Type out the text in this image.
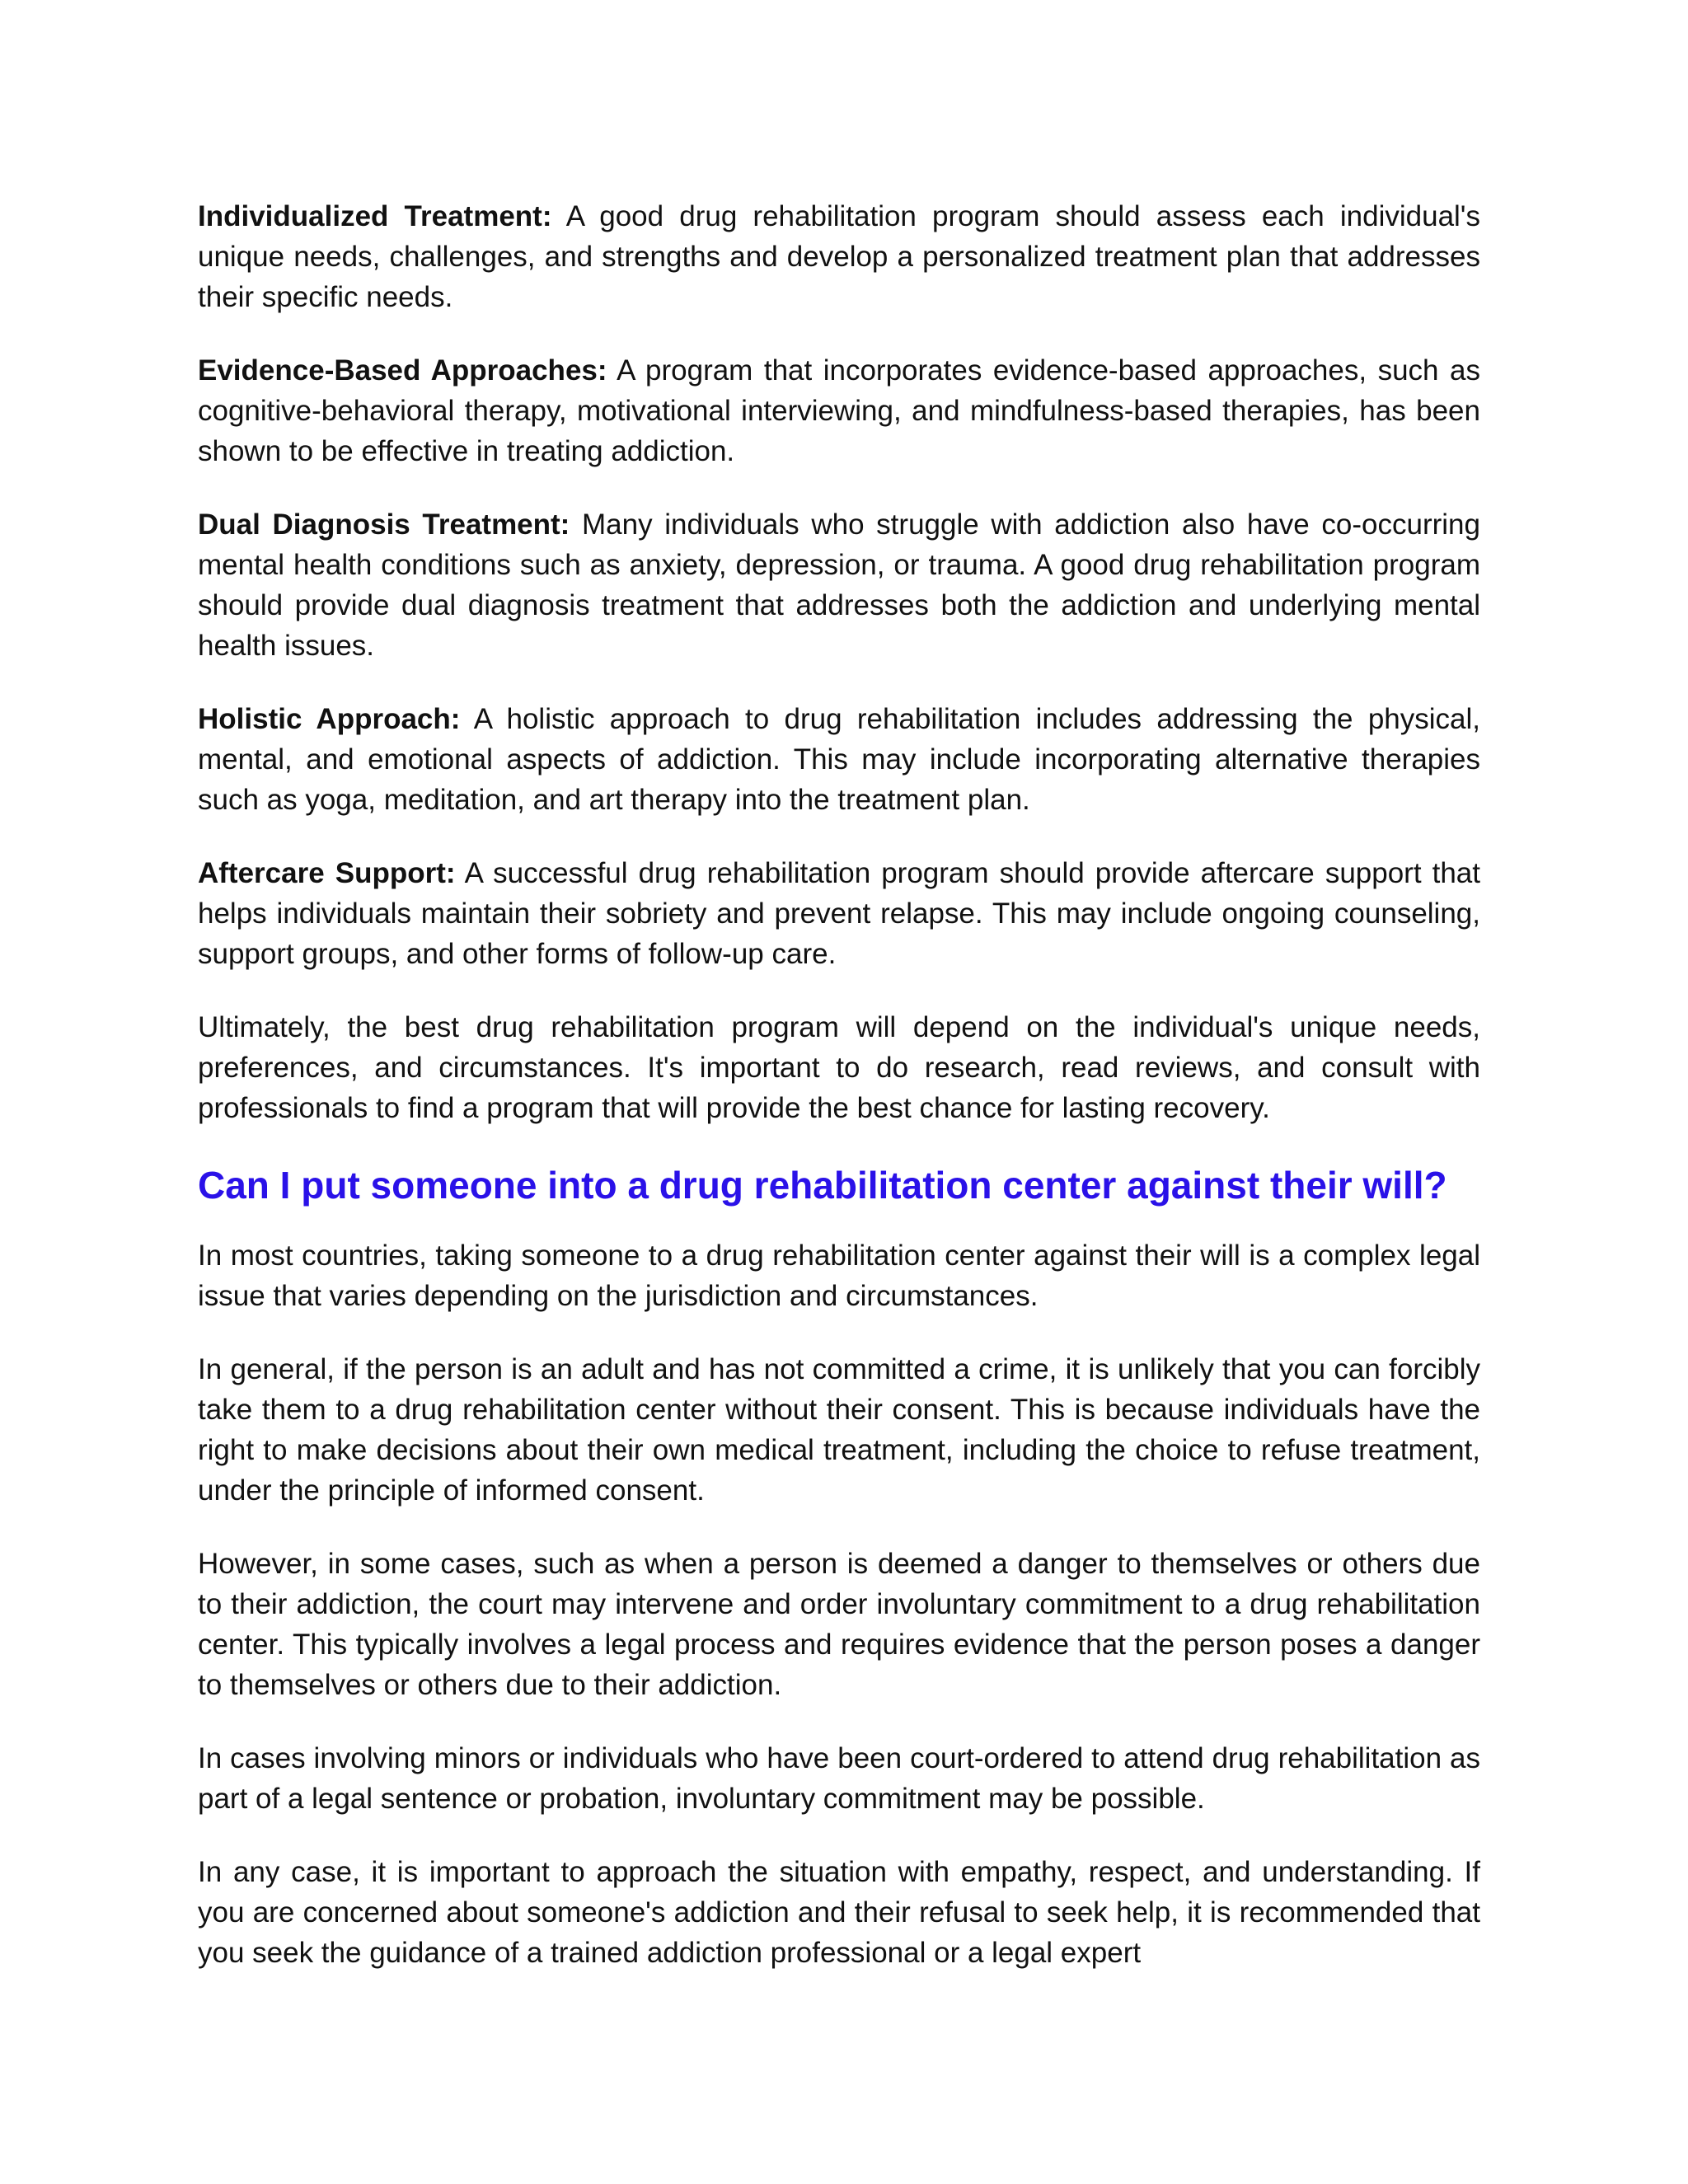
Individualized Treatment: A good drug rehabilitation program should assess each individual's unique needs, challenges, and strengths and develop a personalized treatment plan that addresses their specific needs.

Evidence-Based Approaches: A program that incorporates evidence-based approaches, such as cognitive-behavioral therapy, motivational interviewing, and mindfulness-based therapies, has been shown to be effective in treating addiction.

Dual Diagnosis Treatment: Many individuals who struggle with addiction also have co-occurring mental health conditions such as anxiety, depression, or trauma. A good drug rehabilitation program should provide dual diagnosis treatment that addresses both the addiction and underlying mental health issues.

Holistic Approach: A holistic approach to drug rehabilitation includes addressing the physical, mental, and emotional aspects of addiction. This may include incorporating alternative therapies such as yoga, meditation, and art therapy into the treatment plan.

Aftercare Support: A successful drug rehabilitation program should provide aftercare support that helps individuals maintain their sobriety and prevent relapse. This may include ongoing counseling, support groups, and other forms of follow-up care.

Ultimately, the best drug rehabilitation program will depend on the individual's unique needs, preferences, and circumstances. It's important to do research, read reviews, and consult with professionals to find a program that will provide the best chance for lasting recovery.

Can I put someone into a drug rehabilitation center against their will?

In most countries, taking someone to a drug rehabilitation center against their will is a complex legal issue that varies depending on the jurisdiction and circumstances.

In general, if the person is an adult and has not committed a crime, it is unlikely that you can forcibly take them to a drug rehabilitation center without their consent. This is because individuals have the right to make decisions about their own medical treatment, including the choice to refuse treatment, under the principle of informed consent.

However, in some cases, such as when a person is deemed a danger to themselves or others due to their addiction, the court may intervene and order involuntary commitment to a drug rehabilitation center. This typically involves a legal process and requires evidence that the person poses a danger to themselves or others due to their addiction.

In cases involving minors or individuals who have been court-ordered to attend drug rehabilitation as part of a legal sentence or probation, involuntary commitment may be possible.

In any case, it is important to approach the situation with empathy, respect, and understanding. If you are concerned about someone's addiction and their refusal to seek help, it is recommended that you seek the guidance of a trained addiction professional or a legal expert
